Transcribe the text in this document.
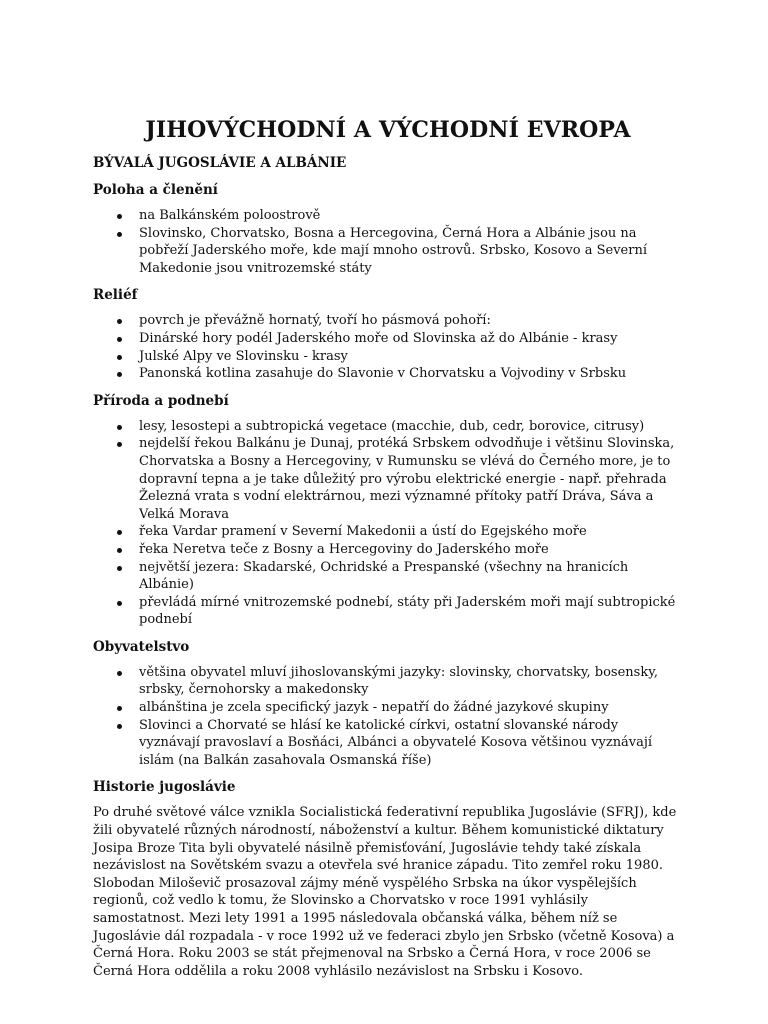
JIHOVÝCHODNÍ A VÝCHODNÍ EVROPA
BÝVALÁ JUGOSLÁVIE A ALBÁNIE
Poloha a členění
na Balkánském poloostrově
Slovinsko, Chorvatsko, Bosna a Hercegovina, Černá Hora a Albánie jsou na pobřeží Jaderského moře, kde mají mnoho ostrovů. Srbsko, Kosovo a Severní Makedonie jsou vnitrozemské státy
Reliéf
povrch je převážně hornatý, tvoří ho pásmová pohoří:
Dinárské hory podél Jaderského moře od Slovinska až do Albánie - krasy
Julské Alpy ve Slovinsku - krasy
Panonská kotlina zasahuje do Slavonie v Chorvatsku a Vojvodiny v Srbsku
Příroda a podnebí
lesy, lesostepi a subtropická vegetace (macchie, dub, cedr, borovice, citrusy)
nejdelší řekou Balkánu je Dunaj, protéká Srbskem odvodňuje i většinu Slovinska, Chorvatska a Bosny a Hercegoviny, v Rumunsku se vlévá do Černého more, je to dopravní tepna a je take důležitý pro výrobu elektrické energie - např. přehrada Železná vrata s vodní elektrárnou, mezi významné přítoky patří Dráva, Sáva a Velká Morava
řeka Vardar pramení v Severní Makedonii a ústí do Egejského moře
řeka Neretva teče z Bosny a Hercegoviny do Jaderského moře
největší jezera: Skadarské, Ochridské a Prespanské (všechny na hranicích Albánie)
převládá mírné vnitrozemské podnebí, státy při Jaderském moři mají subtropické podnebí
Obyvatelstvo
většina obyvatel mluví jihoslovanskými jazyky: slovinsky, chorvatsky, bosensky, srbsky, černohorsky a makedonsky
albánština je zcela specifický jazyk - nepatří do žádné jazykové skupiny
Slovinci a Chorvaté se hlásí ke katolické církvi, ostatní slovanské národy vyznávají pravoslaví a Bosňáci, Albánci a obyvatelé Kosova většinou vyznávají islám (na Balkán zasahovala Osmanská říše)
Historie jugoslávie

Po druhé světové válce vznikla Socialistická federativní republika Jugoslávie (SFRJ), kde žili obyvatelé různých národností, náboženství a kultur. Během komunistické diktatury Josipa Broze Tita byli obyvatelé násilně přemisťování, Jugoslávie tehdy také získala nezávislost na Sovětském svazu a otevřela své hranice západu. Tito zemřel roku 1980. Slobodan Miloševič prosazoval zájmy méně vyspělého Srbska na úkor vyspělejších regionů, což vedlo k tomu, že Slovinsko a Chorvatsko v roce 1991 vyhlásily samostatnost. Mezi lety 1991 a 1995 následovala občanská válka, během níž se Jugoslávie dál rozpadala - v roce 1992 už ve federaci zbylo jen Srbsko (včetně Kosova) a Černá Hora. Roku 2003 se stát přejmenoval na Srbsko a Černá Hora, v roce 2006 se Černá Hora oddělila a roku 2008 vyhlásilo nezávislost na Srbsku i Kosovo.
